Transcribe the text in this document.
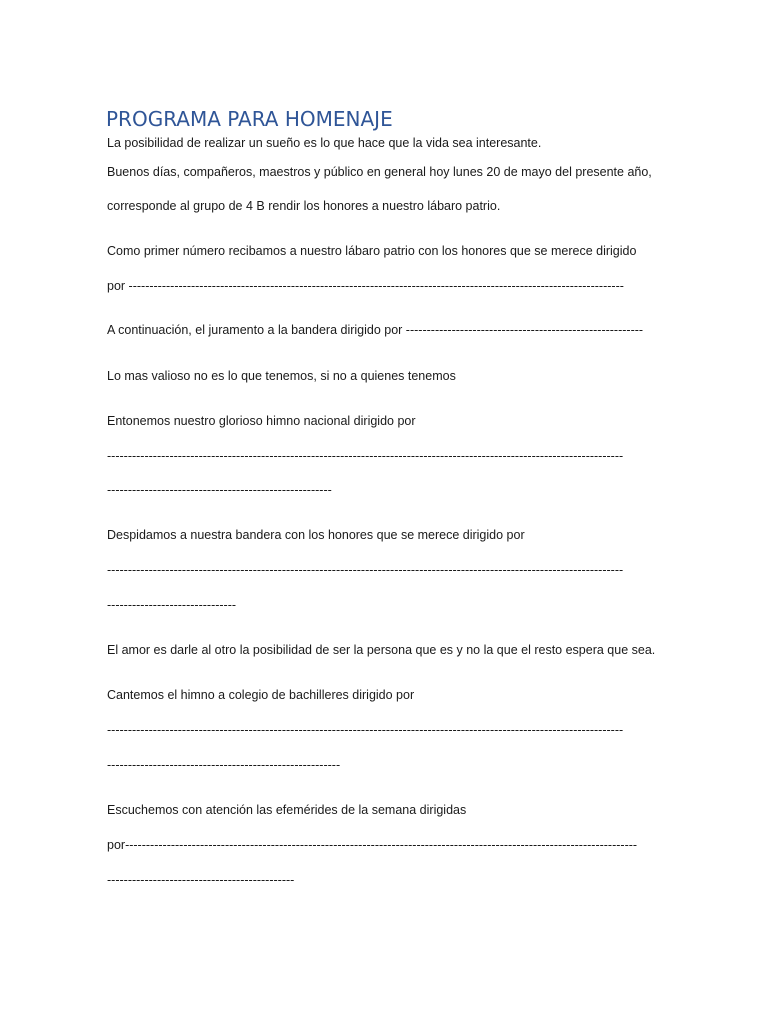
PROGRAMA PARA HOMENAJE

La posibilidad de realizar un sueño es lo que hace que la vida sea interesante.

Buenos días, compañeros, maestros y público en general hoy lunes 20 de mayo del presente año,

corresponde al grupo de 4 B rendir los honores a nuestro lábaro patrio.

Como primer número recibamos a nuestro lábaro patrio con los honores que se merece dirigido

por -----------------------------------------------------------------------------------------------------------------------

A continuación, el juramento a la bandera dirigido por ---------------------------------------------------------

Lo mas valioso no es lo que tenemos, si no a quienes tenemos

Entonemos nuestro glorioso himno nacional dirigido por

----------------------------------------------------------------------------------------------------------------------------

------------------------------------------------------

Despidamos a nuestra bandera con los honores que se merece dirigido por

----------------------------------------------------------------------------------------------------------------------------

-------------------------------

El amor es darle al otro la posibilidad de ser la persona que es y no la que el resto espera que sea.

Cantemos el himno a colegio de bachilleres dirigido por

----------------------------------------------------------------------------------------------------------------------------

--------------------------------------------------------

Escuchemos con atención las efemérides de la semana dirigidas

por---------------------------------------------------------------------------------------------------------------------------

---------------------------------------------
